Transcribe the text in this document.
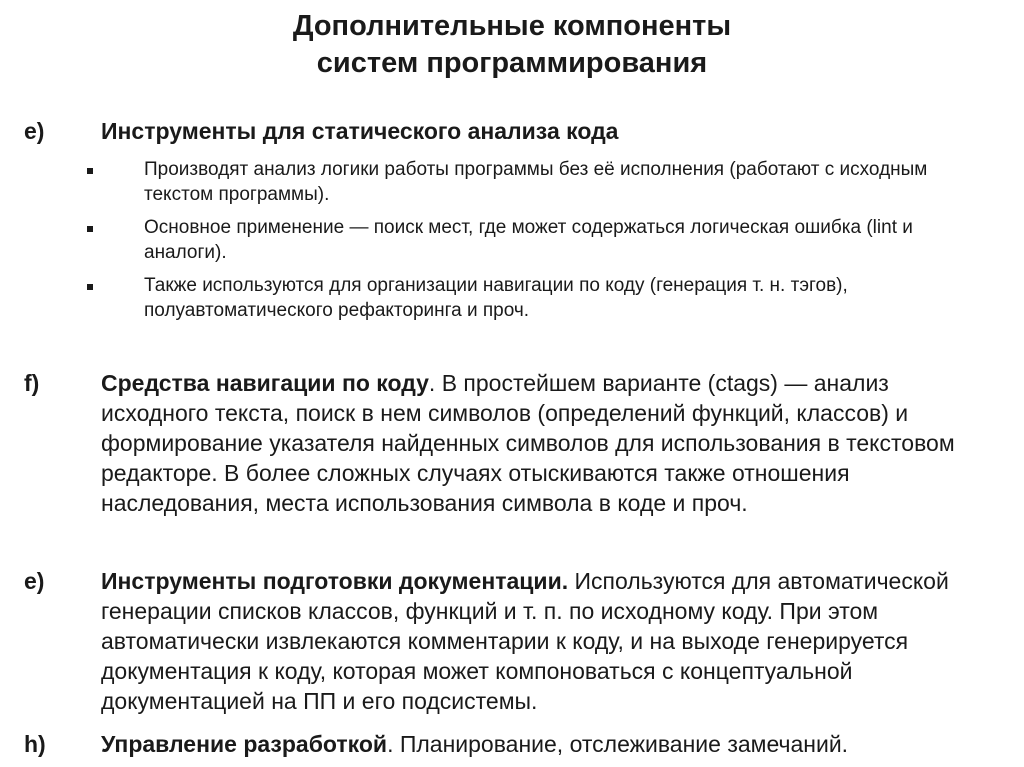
Дополнительные компоненты
систем программирования
e) Инструменты для статического анализа кода
Производят анализ логики работы программы без её исполнения (работают с исходным текстом программы).
Основное применение — поиск мест, где может содержаться логическая ошибка (lint и аналоги).
Также используются для организации навигации по коду (генерация т. н. тэгов), полуавтоматического рефакторинга и проч.
f)	Средства навигации по коду. В простейшем варианте (ctags) — анализ исходного текста, поиск в нем символов (определений функций, классов) и формирование указателя найденных символов для использования в текстовом редакторе. В более сложных случаях отыскиваются также отношения наследования, места использования символа в коде и проч.
e) Инструменты подготовки документации. Используются для автоматической генерации списков классов, функций и т. п. по исходному коду. При этом автоматически извлекаются комментарии к коду, и на выходе генерируется документация к коду, которая может компоноваться с концептуальной документацией на ПП и его подсистемы.
h) Управление разработкой. Планирование, отслеживание замечаний.
